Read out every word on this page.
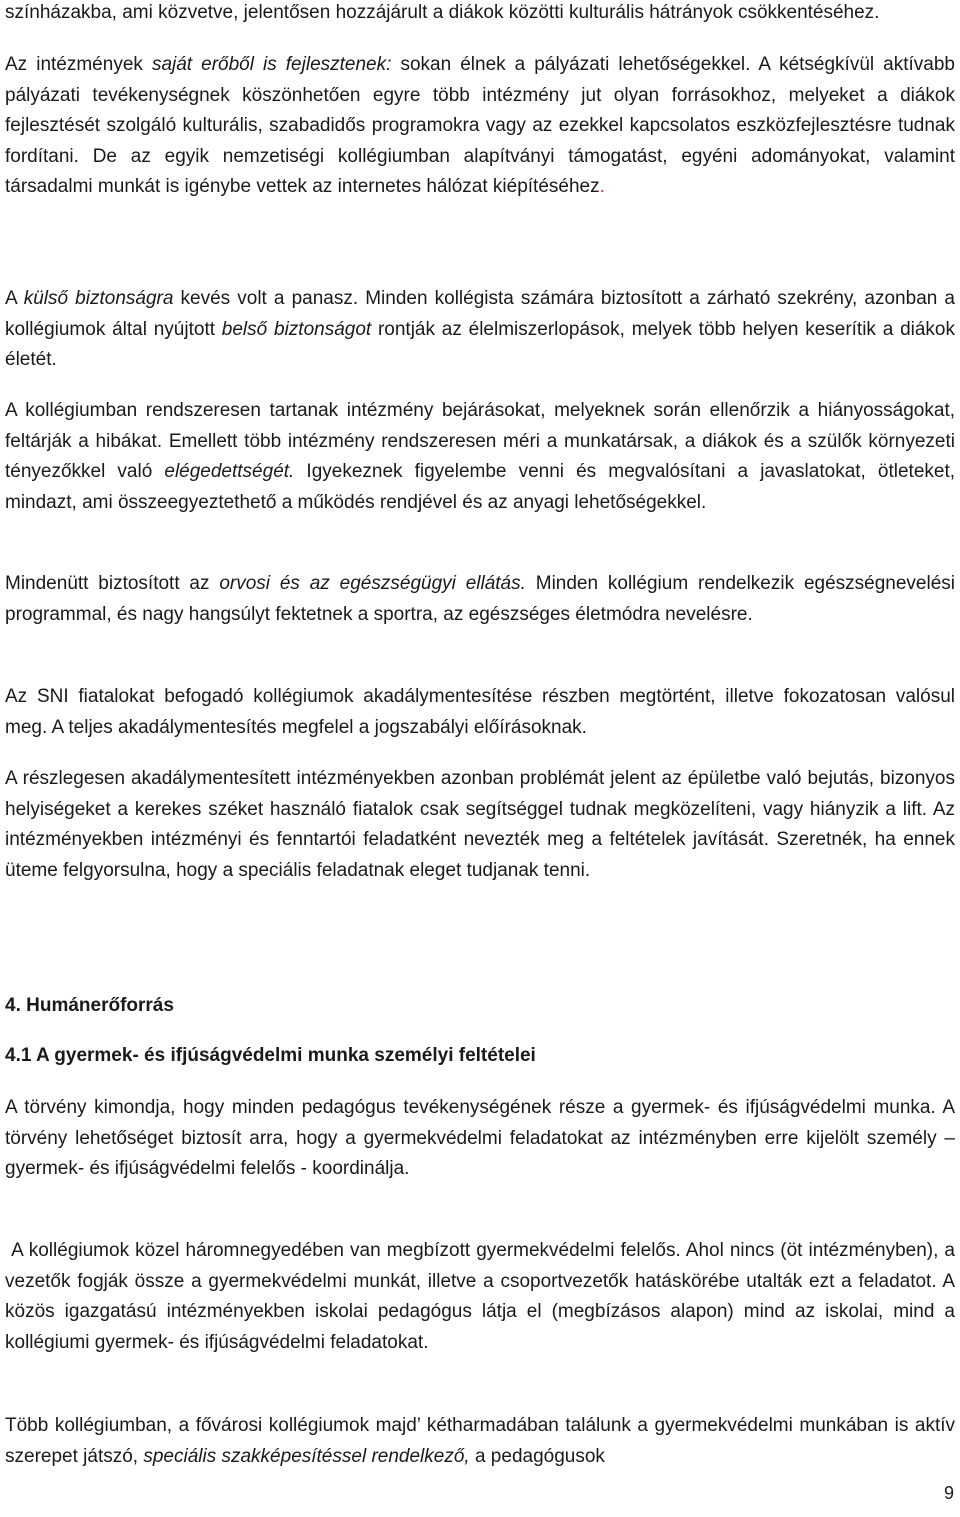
színházakba, ami közvetve, jelentősen hozzájárult a diákok közötti kulturális hátrányok csökkentéséhez.

Az intézmények saját erőből is fejlesztenek: sokan élnek a pályázati lehetőségekkel. A kétségkívül aktívabb pályázati tevékenységnek köszönhetően egyre több intézmény jut olyan forrásokhoz, melyeket a diákok fejlesztését szolgáló kulturális, szabadidős programokra vagy az ezekkel kapcsolatos eszközfejlesztésre tudnak fordítani. De az egyik nemzetiségi kollégiumban alapítványi támogatást, egyéni adományokat, valamint társadalmi munkát is igénybe vettek az internetes hálózat kiépítéséhez.

A külső biztonságra kevés volt a panasz. Minden kollégista számára biztosított a zárható szekrény, azonban a kollégiumok által nyújtott belső biztonságot rontják az élelmiszerlopások, melyek több helyen keserítik a diákok életét.

A kollégiumban rendszeresen tartanak intézmény bejárásokat, melyeknek során ellenőrzik a hiányosságokat, feltárják a hibákat. Emellett több intézmény rendszeresen méri a munkatársak, a diákok és a szülők környezeti tényezőkkel való elégedettségét. Igyekeznek figyelembe venni és megvalósítani a javaslatokat, ötleteket, mindazt, ami összeegyeztethető a működés rendjével és az anyagi lehetőségekkel.

Mindenütt biztosított az orvosi és az egészségügyi ellátás. Minden kollégium rendelkezik egészségnevelési programmal, és nagy hangsúlyt fektetnek a sportra, az egészséges életmódra nevelésre.

Az SNI fiatalokat befogadó kollégiumok akadálymentesítése részben megtörtént, illetve fokozatosan valósul meg. A teljes akadálymentesítés megfelel a jogszabályi előírásoknak.

A részlegesen akadálymentesített intézményekben azonban problémát jelent az épületbe való bejutás, bizonyos helyiségeket a kerekes széket használó fiatalok csak segítséggel tudnak megközelíteni, vagy hiányzik a lift. Az intézményekben intézményi és fenntartói feladatként nevezték meg a feltételek javítását. Szeretnék, ha ennek üteme felgyorsulna, hogy a speciális feladatnak eleget tudjanak tenni.

4. Humánerőforrás

4.1 A gyermek- és ifjúságvédelmi munka személyi feltételei

A törvény kimondja, hogy minden pedagógus tevékenységének része a gyermek- és ifjúságvédelmi munka. A törvény lehetőséget biztosít arra, hogy a gyermekvédelmi feladatokat az intézményben erre kijelölt személy – gyermek- és ifjúságvédelmi felelős - koordinálja.

A kollégiumok közel háromnegyedében van megbízott gyermekvédelmi felelős. Ahol nincs (öt intézményben), a vezetők fogják össze a gyermekvédelmi munkát, illetve a csoportvezetők hatáskörébe utalták ezt a feladatot. A közös igazgatású intézményekben iskolai pedagógus látja el (megbízásos alapon) mind az iskolai, mind a kollégiumi gyermek- és ifjúságvédelmi feladatokat.

Több kollégiumban, a fővárosi kollégiumok majd’ kétharmadában találunk a gyermekvédelmi munkában is aktív szerepet játszó, speciális szakképesítéssel rendelkező, a pedagógusok

9
